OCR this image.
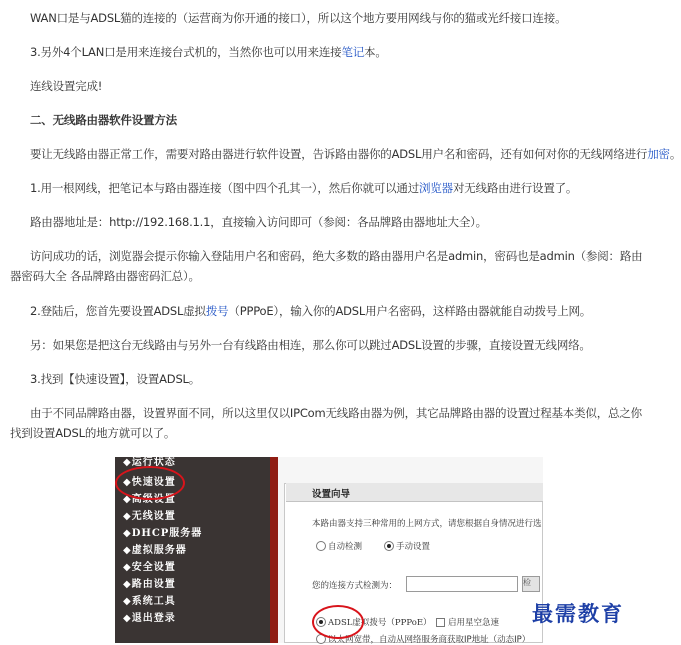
WAN口是与ADSL猫的连接的（运营商为你开通的接口），所以这个地方要用网线与你的猫或光纤接口连接。
3.另外4个LAN口是用来连接台式机的，当然你也可以用来连接笔记本。
连线设置完成!
二、无线路由器软件设置方法
要让无线路由器正常工作，需要对路由器进行软件设置，告诉路由器你的ADSL用户名和密码，还有如何对你的无线网络进行加密。
1.用一根网线，把笔记本与路由器连接（图中四个孔其一），然后你就可以通过浏览器对无线路由进行设置了。
路由器地址是：http://192.168.1.1，直接输入访问即可（参阅：各品牌路由器地址大全）。
访问成功的话，浏览器会提示你输入登陆用户名和密码，绝大多数的路由器用户名是admin，密码也是admin（参阅：路由器密码大全 各品牌路由器密码汇总）。
2.登陆后，您首先要设置ADSL虚拟拨号（PPPoE），输入你的ADSL用户名密码，这样路由器就能自动拨号上网。
另：如果您是把这台无线路由与另外一台有线路由相连，那么你可以跳过ADSL设置的步骤，直接设置无线网络。
3.找到【快速设置】，设置ADSL。
由于不同品牌路由器，设置界面不同，所以这里仅以IPCom无线路由器为例，其它品牌路由器的设置过程基本类似，总之你找到设置ADSL的地方就可以了。
◆运行状态
◆快速设置
◆高级设置
◆无线设置
◆DHCP服务器
◆虚拟服务器
◆安全设置
◆路由设置
◆系统工具
◆退出登录
设置向导
本路由器支持三种常用的上网方式，请您根据自身情况进行选
自动检测	手动设置
您的连接方式检测为：	检
ADSL虚拟拨号（PPPoE） 启用星空急速
以太网宽带，自动从网络服务商获取IP地址（动态IP）
最需教育
